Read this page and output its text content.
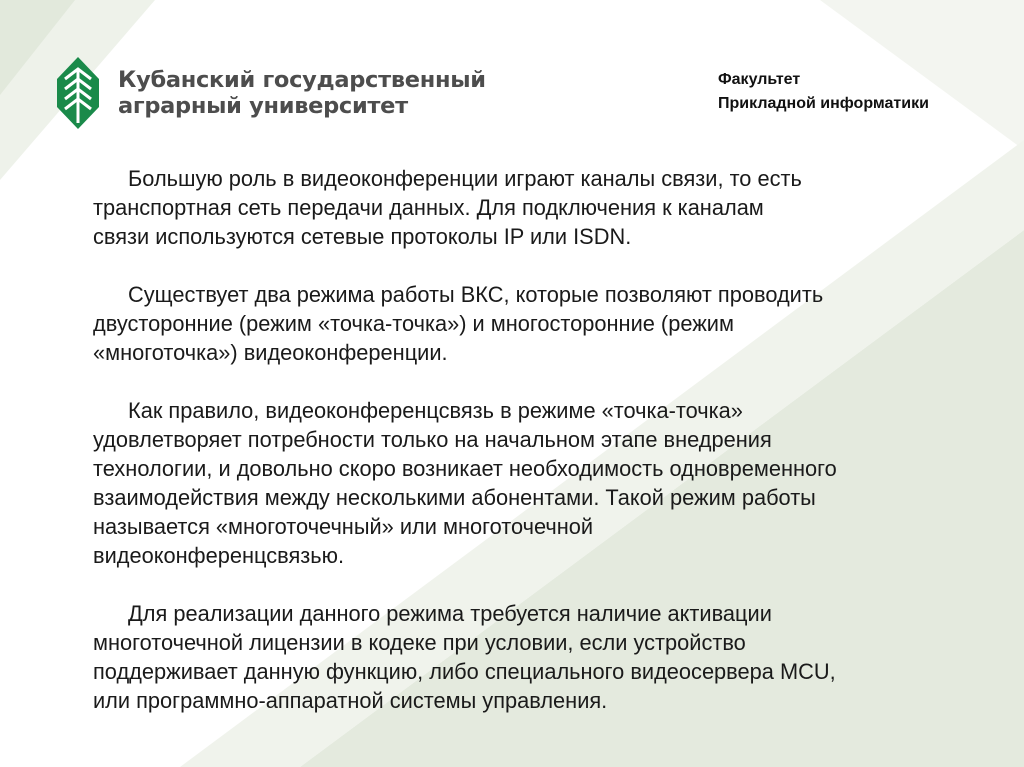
Кубанский государственный
аграрный университет
Факультет
Прикладной информатики

Большую роль в видеоконференции играют каналы связи, то есть
транспортная сеть передачи данных. Для подключения к каналам
связи используются сетевые протоколы IP или ISDN.

Существует два режима работы ВКС, которые позволяют проводить
двусторонние (режим «точка-точка») и многосторонние (режим
«многоточка») видеоконференции.

Как правило, видеоконференцсвязь в режиме «точка-точка»
удовлетворяет потребности только на начальном этапе внедрения
технологии, и довольно скоро возникает необходимость одновременного
взаимодействия между несколькими абонентами. Такой режим работы
называется «многоточечный» или многоточечной
видеоконференцсвязью.

Для реализации данного режима требуется наличие активации
многоточечной лицензии в кодеке при условии, если устройство
поддерживает данную функцию, либо специального видеосервера MCU,
или программно-аппаратной системы управления.
